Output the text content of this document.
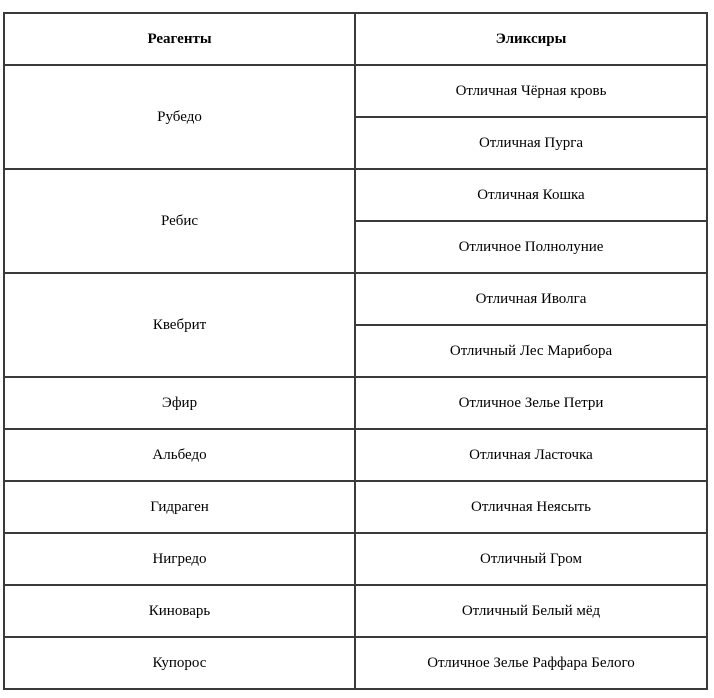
Реагенты	Эликсиры
Рубедо	Отличная Чёрная кровь
	Отличная Пурга
Ребис	Отличная Кошка
	Отличное Полнолуние
Квебрит	Отличная Иволга
	Отличный Лес Марибора
Эфир	Отличное Зелье Петри
Альбедо	Отличная Ласточка
Гидраген	Отличная Неясыть
Нигредо	Отличный Гром
Киноварь	Отличный Белый мёд
Купорос	Отличное Зелье Раффара Белого
